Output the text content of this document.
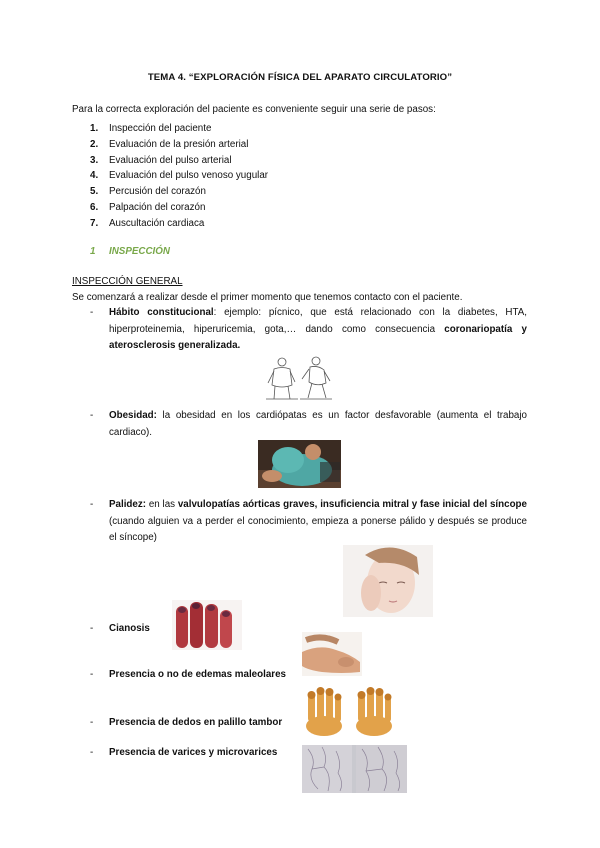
TEMA 4. “EXPLORACIÓN FÍSICA DEL APARATO CIRCULATORIO”
Para la correcta exploración del paciente es conveniente seguir una serie de pasos:
1. Inspección del paciente
2. Evaluación de la presión arterial
3. Evaluación del pulso arterial
4. Evaluación del pulso venoso yugular
5. Percusión del corazón
6. Palpación del corazón
7. Auscultación cardiaca
1 INSPECCIÓN
INSPECCIÓN GENERAL
Se comenzará a realizar desde el primer momento que tenemos contacto con el paciente.
- Hábito constitucional: ejemplo: pícnico, que está relacionado con la diabetes, HTA, hiperproteinemia, hiperuricemia, gota,… dando como consecuencia coronariopatía y aterosclerosis generalizada.
- Obesidad: la obesidad en los cardiópatas es un factor desfavorable (aumenta el trabajo cardiaco).
- Palidez: en las valvulopatías aórticas graves, insuficiencia mitral y fase inicial del síncope (cuando alguien va a perder el conocimiento, empieza a ponerse pálido y después se produce el síncope)
- Cianosis
- Presencia o no de edemas maleolares
- Presencia de dedos en palillo tambor
- Presencia de varices y microvarices
